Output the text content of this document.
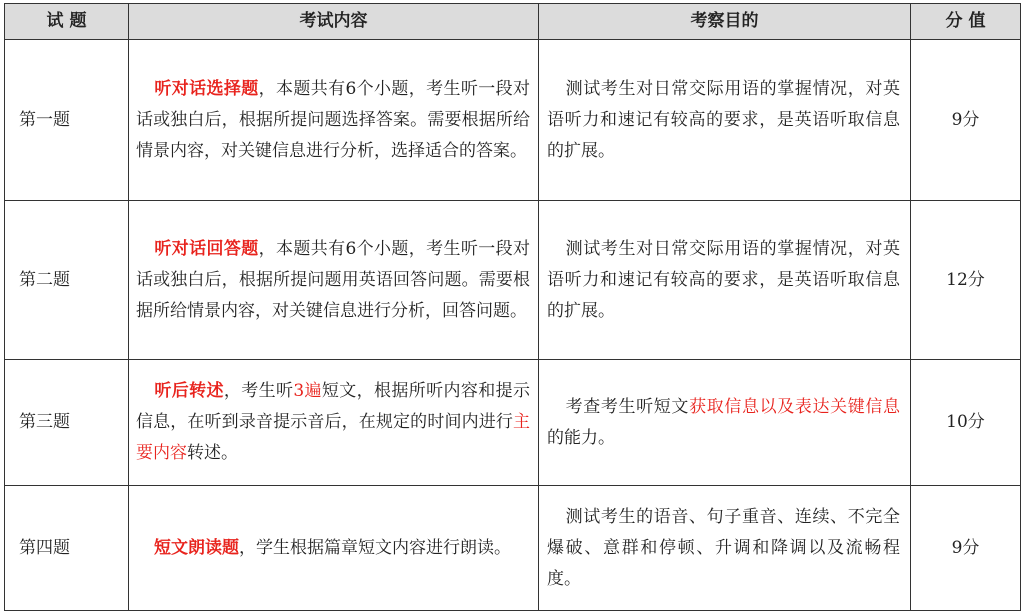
试 题	考试内容	考察目的	分 值
第一题	听对话选择题，本题共有6个小题，考生听一段对话或独白后，根据所提问题选择答案。需要根据所给情景内容，对关键信息进行分析，选择适合的答案。	测试考生对日常交际用语的掌握情况，对英语听力和速记有较高的要求，是英语听取信息的扩展。	9分
第二题	听对话回答题，本题共有6个小题，考生听一段对话或独白后，根据所提问题用英语回答问题。需要根据所给情景内容，对关键信息进行分析，回答问题。	测试考生对日常交际用语的掌握情况，对英语听力和速记有较高的要求，是英语听取信息的扩展。	12分
第三题	听后转述，考生听3遍短文，根据所听内容和提示信息，在听到录音提示音后，在规定的时间内进行主要内容转述。	考查考生听短文获取信息以及表达关键信息的能力。	10分
第四题	短文朗读题，学生根据篇章短文内容进行朗读。	测试考生的语音、句子重音、连续、不完全爆破、意群和停顿、升调和降调以及流畅程度。	9分
